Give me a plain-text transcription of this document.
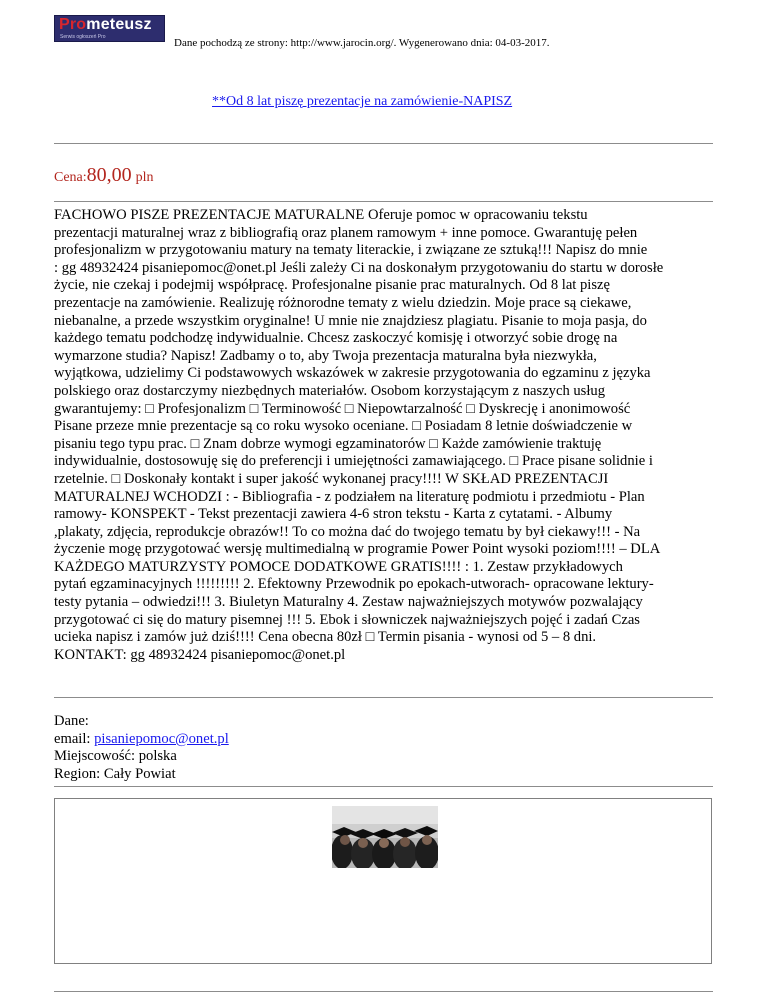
Prometeusz
Serwis ogłoszeń Pro	Dane pochodzą ze strony: http://www.jarocin.org/. Wygenerowano dnia: 04-03-2017.
**Od 8 lat piszę prezentacje na zamówienie-NAPISZ
Cena:80,00 pln
FACHOWO PISZE PREZENTACJE MATURALNE Oferuje pomoc w opracowaniu tekstu
prezentacji maturalnej wraz z bibliografią oraz planem ramowym + inne pomoce. Gwarantuję pełen
profesjonalizm w przygotowaniu matury na tematy literackie, i związane ze sztuką!!! Napisz do mnie
: gg 48932424 pisaniepomoc@onet.pl Jeśli zależy Ci na doskonałym przygotowaniu do startu w dorosłe
życie, nie czekaj i podejmij współpracę. Profesjonalne pisanie prac maturalnych. Od 8 lat piszę
prezentacje na zamówienie. Realizuję różnorodne tematy z wielu dziedzin. Moje prace są ciekawe,
niebanalne, a przede wszystkim oryginalne! U mnie nie znajdziesz plagiatu. Pisanie to moja pasja, do
każdego tematu podchodzę indywidualnie. Chcesz zaskoczyć komisję i otworzyć sobie drogę na
wymarzone studia? Napisz! Zadbamy o to, aby Twoja prezentacja maturalna była niezwykła,
wyjątkowa, udzielimy Ci podstawowych wskazówek w zakresie przygotowania do egzaminu z języka
polskiego oraz dostarczymy niezbędnych materiałów. Osobom korzystającym z naszych usług
gwarantujemy: □ Profesjonalizm □ Terminowość □ Niepowtarzalność □ Dyskrecję i anonimowość
Pisane przeze mnie prezentacje są co roku wysoko oceniane. □ Posiadam 8 letnie doświadczenie w
pisaniu tego typu prac. □ Znam dobrze wymogi egzaminatorów □ Każde zamówienie traktuję
indywidualnie, dostosowuję się do preferencji i umiejętności zamawiającego. □ Prace pisane solidnie i
rzetelnie. □ Doskonały kontakt i super jakość wykonanej pracy!!!! W SKŁAD PREZENTACJI
MATURALNEJ WCHODZI : - Bibliografia - z podziałem na literaturę podmiotu i przedmiotu - Plan
ramowy- KONSPEKT - Tekst prezentacji zawiera 4-6 stron tekstu - Karta z cytatami. - Albumy
,plakaty, zdjęcia, reprodukcje obrazów!! To co można dać do twojego tematu by był ciekawy!!! - Na
życzenie mogę przygotować wersję multimedialną w programie Power Point wysoki poziom!!!! – DLA
KAŻDEGO MATURZYSTY POMOCE DODATKOWE GRATIS!!!! : 1. Zestaw przykładowych
pytań egzaminacyjnych !!!!!!!!! 2. Efektowny Przewodnik po epokach-utworach- opracowane lektury-
testy pytania – odwiedzi!!! 3. Biuletyn Maturalny 4. Zestaw najważniejszych motywów pozwalający
przygotować ci się do matury pisemnej !!! 5. Ebok i słowniczek najważniejszych pojęć i zadań Czas
ucieka napisz i zamów już dziś!!!! Cena obecna 80zł □ Termin pisania - wynosi od 5 – 8 dni.
KONTAKT: gg 48932424 pisaniepomoc@onet.pl
Dane:
email: pisaniepomoc@onet.pl
Miejscowość: polska
Region: Cały Powiat
